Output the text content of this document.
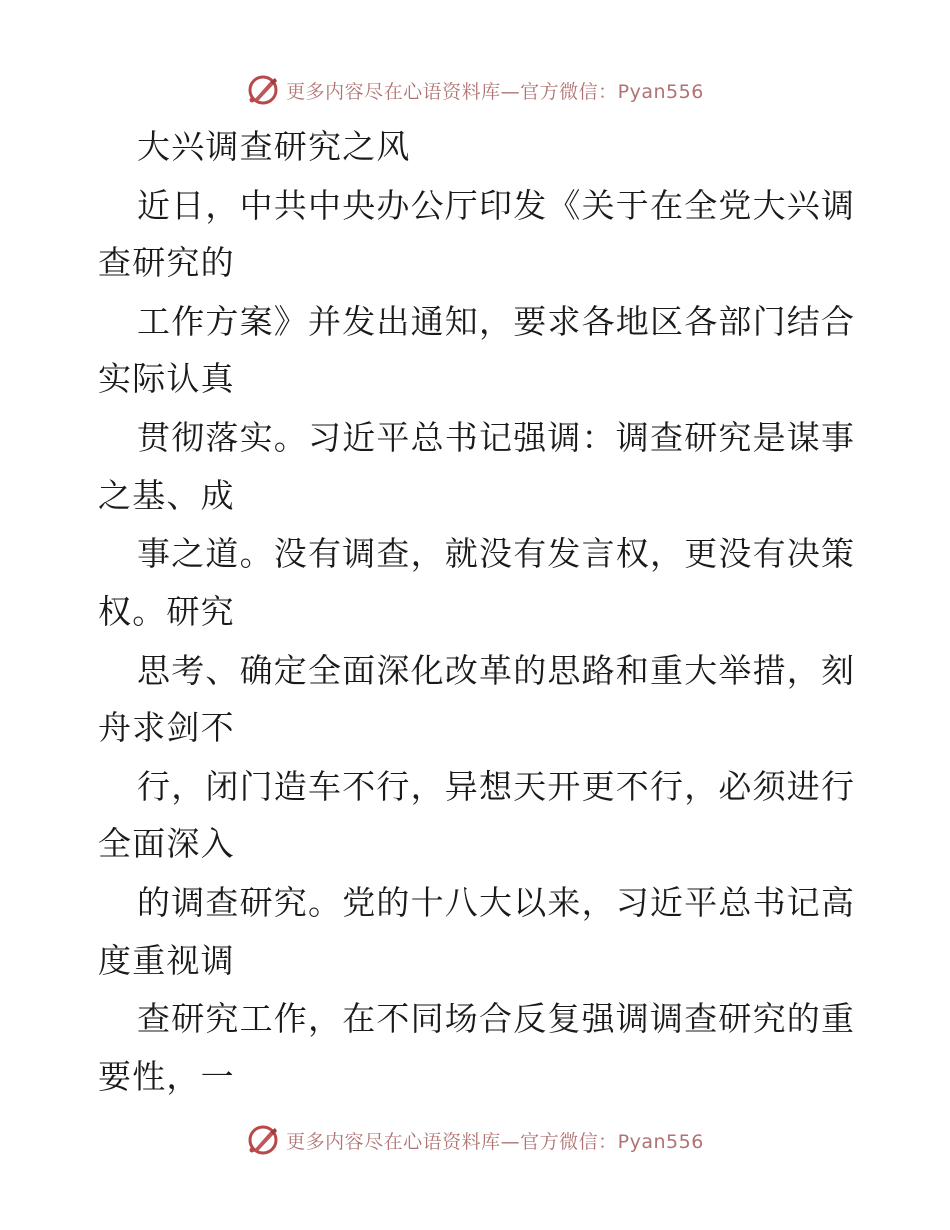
更多内容尽在心语资料库—官方微信：Pyan556
大兴调查研究之风
近日，中共中央办公厅印发《关于在全党大兴调
查研究的
工作方案》并发出通知，要求各地区各部门结合
实际认真
贯彻落实。习近平总书记强调：调查研究是谋事
之基、成
事之道。没有调查，就没有发言权，更没有决策
权。研究
思考、确定全面深化改革的思路和重大举措，刻
舟求剑不
行，闭门造车不行，异想天开更不行，必须进行
全面深入
的调查研究。党的十八大以来，习近平总书记高
度重视调
查研究工作，在不同场合反复强调调查研究的重
要性，一
更多内容尽在心语资料库—官方微信：Pyan556
